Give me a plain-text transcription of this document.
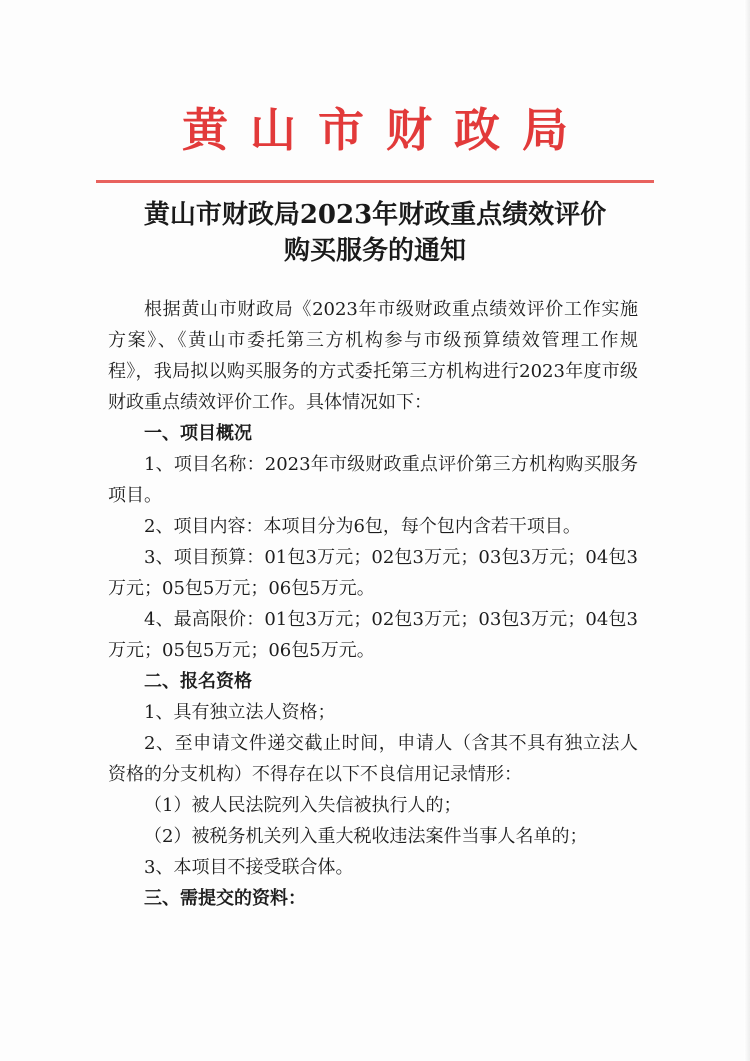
黄山市财政局
黄山市财政局2023年财政重点绩效评价
购买服务的通知

根据黄山市财政局《2023年市级财政重点绩效评价工作实施方案》、《黄山市委托第三方机构参与市级预算绩效管理工作规程》，我局拟以购买服务的方式委托第三方机构进行2023年度市级财政重点绩效评价工作。具体情况如下：

一、项目概况

1、项目名称：2023年市级财政重点评价第三方机构购买服务项目。

2、项目内容：本项目分为6包，每个包内含若干项目。

3、项目预算：01包3万元；02包3万元；03包3万元；04包3万元；05包5万元；06包5万元。

4、最高限价：01包3万元；02包3万元；03包3万元；04包3万元；05包5万元；06包5万元。

二、报名资格

1、具有独立法人资格；

2、至申请文件递交截止时间，申请人（含其不具有独立法人资格的分支机构）不得存在以下不良信用记录情形：

（1）被人民法院列入失信被执行人的；

（2）被税务机关列入重大税收违法案件当事人名单的；

3、本项目不接受联合体。

三、需提交的资料：
